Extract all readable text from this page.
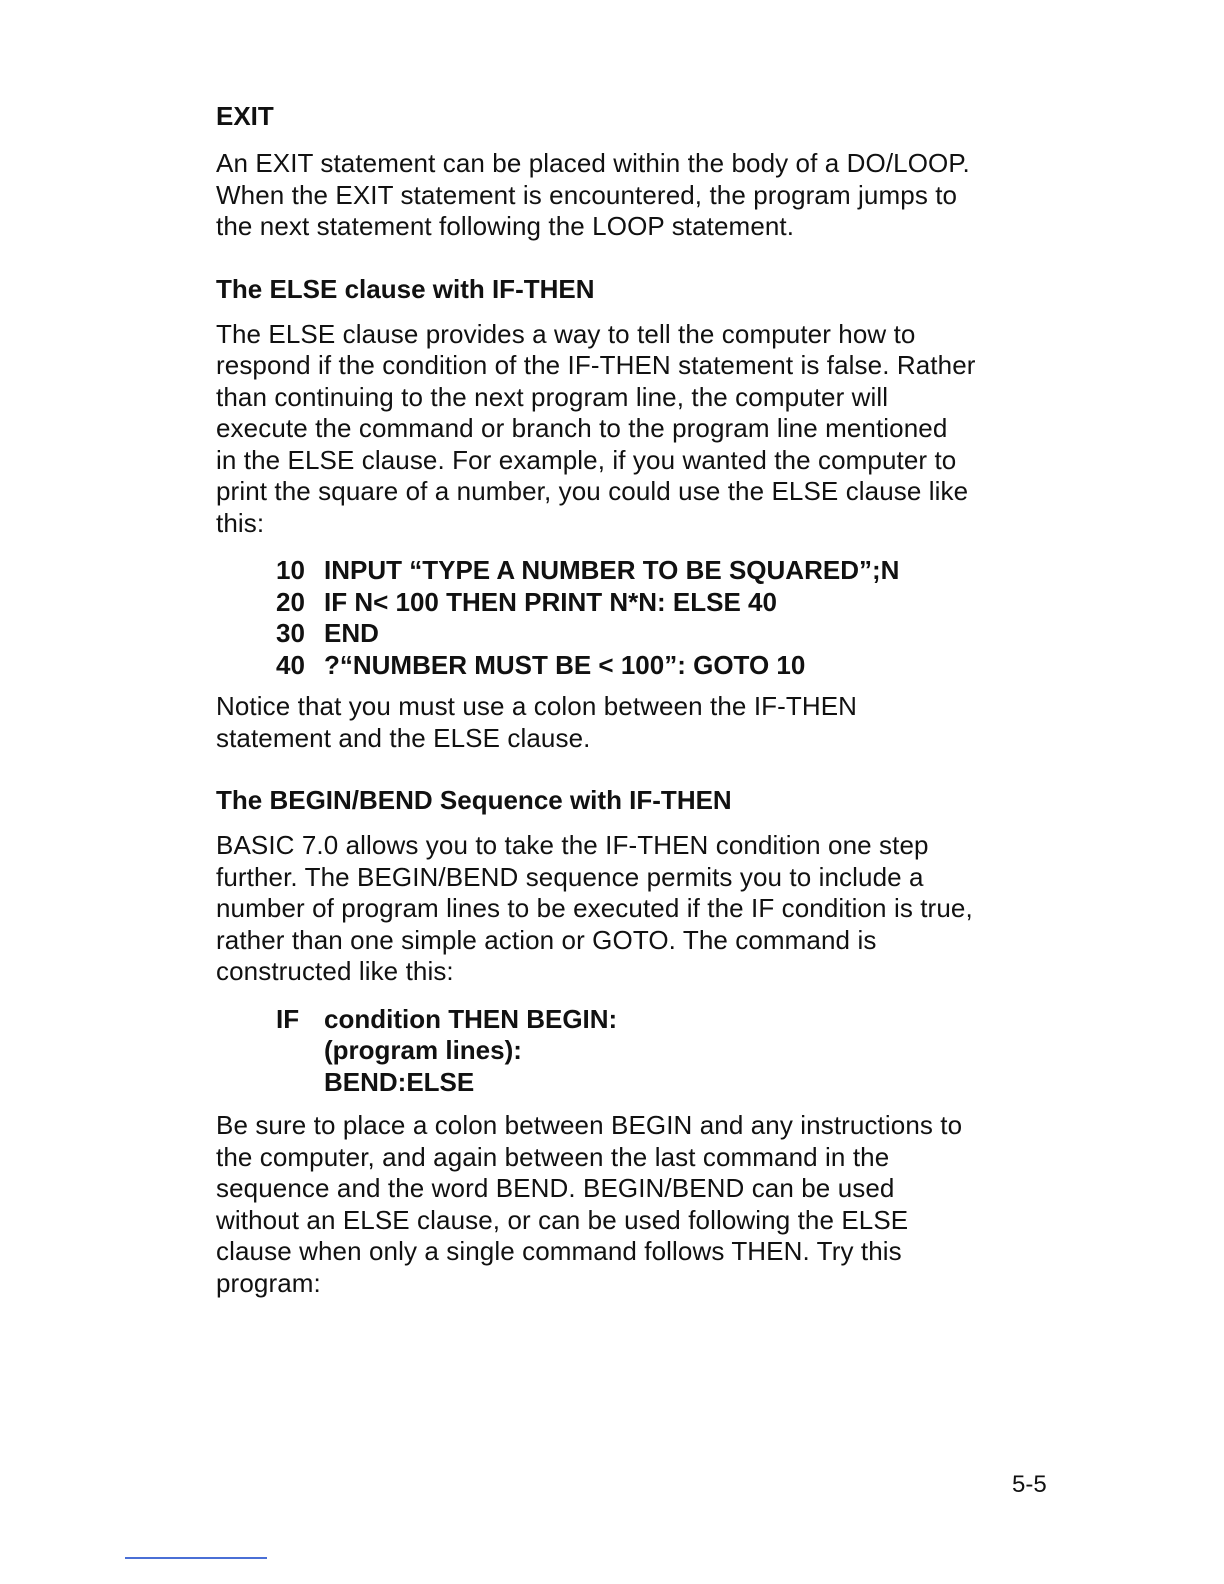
EXIT
An EXIT statement can be placed within the body of a DO/LOOP.
When the EXIT statement is encountered, the program jumps to
the next statement following the LOOP statement.
The ELSE clause with IF-THEN
The ELSE clause provides a way to tell the computer how to
respond if the condition of the IF-THEN statement is false. Rather
than continuing to the next program line, the computer will
execute the command or branch to the program line mentioned
in the ELSE clause. For example, if you wanted the computer to
print the square of a number, you could use the ELSE clause like
this:
10 INPUT “TYPE A NUMBER TO BE SQUARED”;N
20 IF N< 100 THEN PRINT N*N: ELSE 40
30 END
40 ?“NUMBER MUST BE < 100”: GOTO 10
Notice that you must use a colon between the IF-THEN
statement and the ELSE clause.
The BEGIN/BEND Sequence with IF-THEN
BASIC 7.0 allows you to take the IF-THEN condition one step
further. The BEGIN/BEND sequence permits you to include a
number of program lines to be executed if the IF condition is true,
rather than one simple action or GOTO. The command is
constructed like this:
IF condition THEN BEGIN:
(program lines):
BEND:ELSE
Be sure to place a colon between BEGIN and any instructions to
the computer, and again between the last command in the
sequence and the word BEND. BEGIN/BEND can be used
without an ELSE clause, or can be used following the ELSE
clause when only a single command follows THEN. Try this
program:
5-5
